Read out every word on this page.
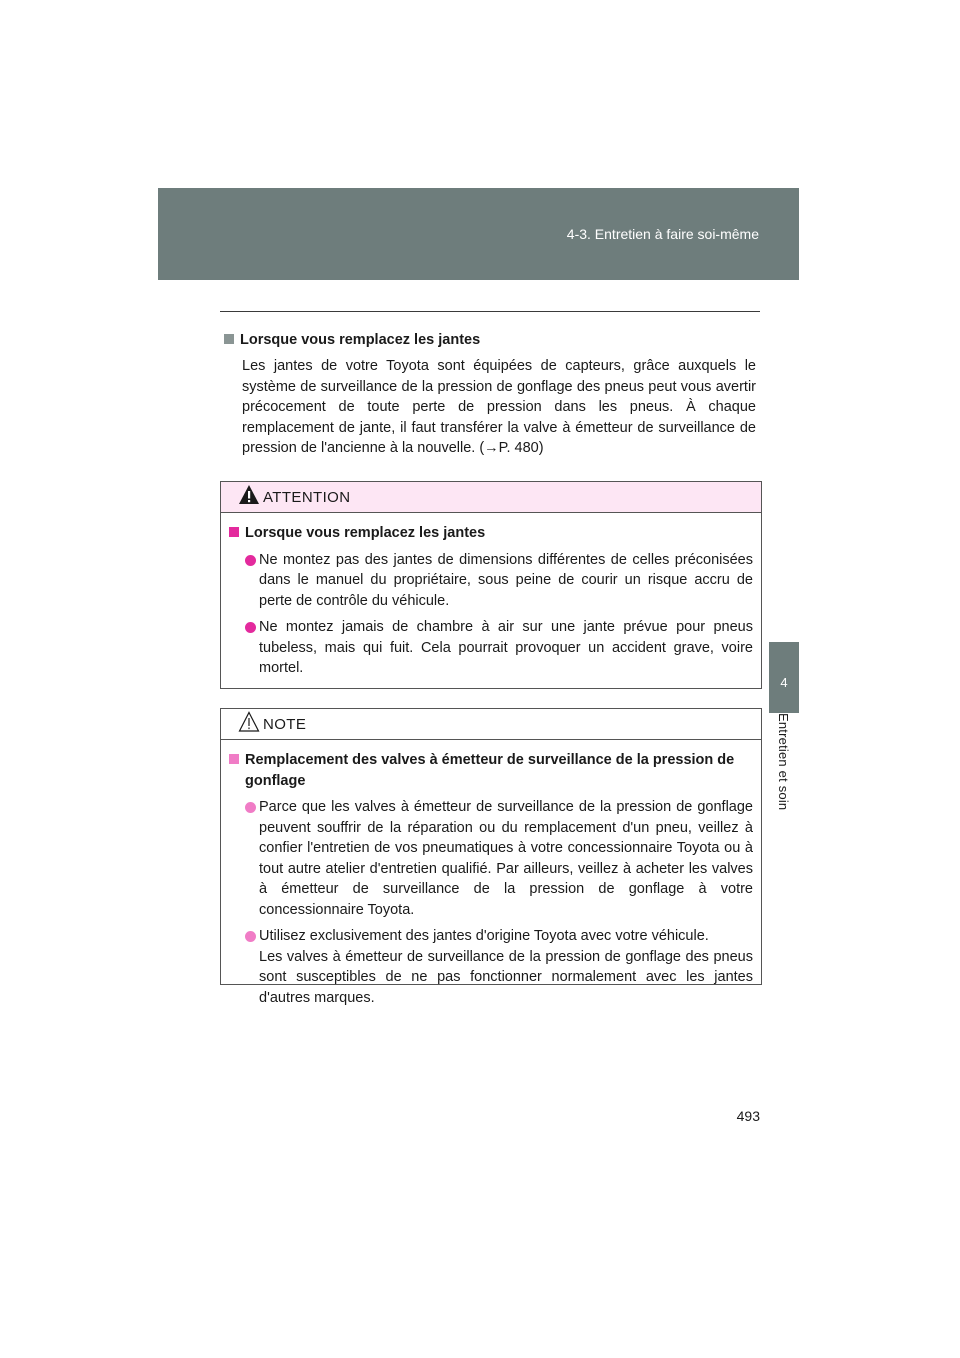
4-3. Entretien à faire soi-même
4
Entretien et soin
Lorsque vous remplacez les jantes
Les jantes de votre Toyota sont équipées de capteurs, grâce auxquels le système de surveillance de la pression de gonflage des pneus peut vous avertir précocement de toute perte de pression dans les pneus. À chaque remplacement de jante, il faut transférer la valve à émetteur de surveillance de pression de l'ancienne à la nouvelle. (→P. 480)
ATTENTION
Lorsque vous remplacez les jantes
Ne montez pas des jantes de dimensions différentes de celles préconisées dans le manuel du propriétaire, sous peine de courir un risque accru de perte de contrôle du véhicule.
Ne montez jamais de chambre à air sur une jante prévue pour pneus tubeless, mais qui fuit. Cela pourrait provoquer un accident grave, voire mortel.
NOTE
Remplacement des valves à émetteur de surveillance de la pression de gonflage
Parce que les valves à émetteur de surveillance de la pression de gonflage peuvent souffrir de la réparation ou du remplacement d'un pneu, veillez à confier l'entretien de vos pneumatiques à votre concessionnaire Toyota ou à tout autre atelier d'entretien qualifié. Par ailleurs, veillez à acheter les valves à émetteur de surveillance de la pression de gonflage à votre concessionnaire Toyota.
Utilisez exclusivement des jantes d'origine Toyota avec votre véhicule.
Les valves à émetteur de surveillance de la pression de gonflage des pneus sont susceptibles de ne pas fonctionner normalement avec les jantes d'autres marques.
493
